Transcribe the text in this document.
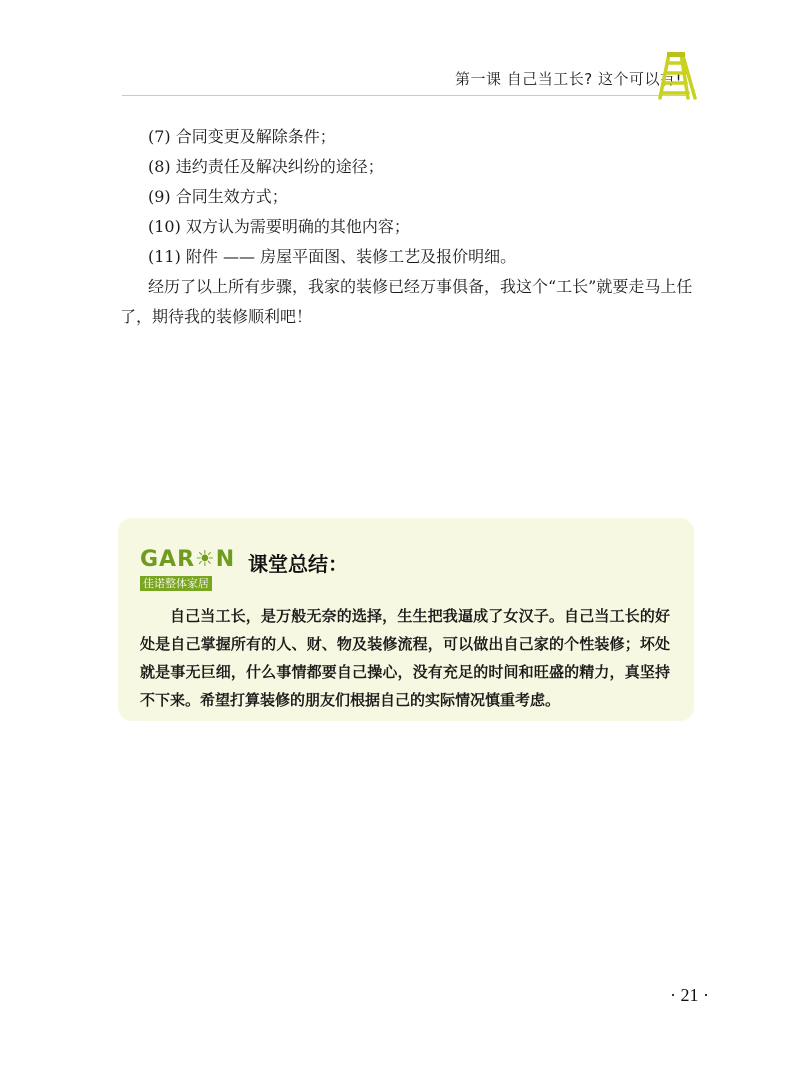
第一课 自己当工长? 这个可以有!

(7) 合同变更及解除条件；

(8) 违约责任及解决纠纷的途径；

(9) 合同生效方式；

(10) 双方认为需要明确的其他内容；

(11) 附件 —— 房屋平面图、装修工艺及报价明细。

经历了以上所有步骤，我家的装修已经万事俱备，我这个“工长”就要走马上任了，期待我的装修顺利吧！

GAR☀N
佳诺整体家居
课堂总结：

自己当工长，是万般无奈的选择，生生把我逼成了女汉子。自己当工长的好处是自己掌握所有的人、财、物及装修流程，可以做出自己家的个性装修；坏处就是事无巨细，什么事情都要自己操心，没有充足的时间和旺盛的精力，真坚持不下来。希望打算装修的朋友们根据自己的实际情况慎重考虑。

· 21 ·
